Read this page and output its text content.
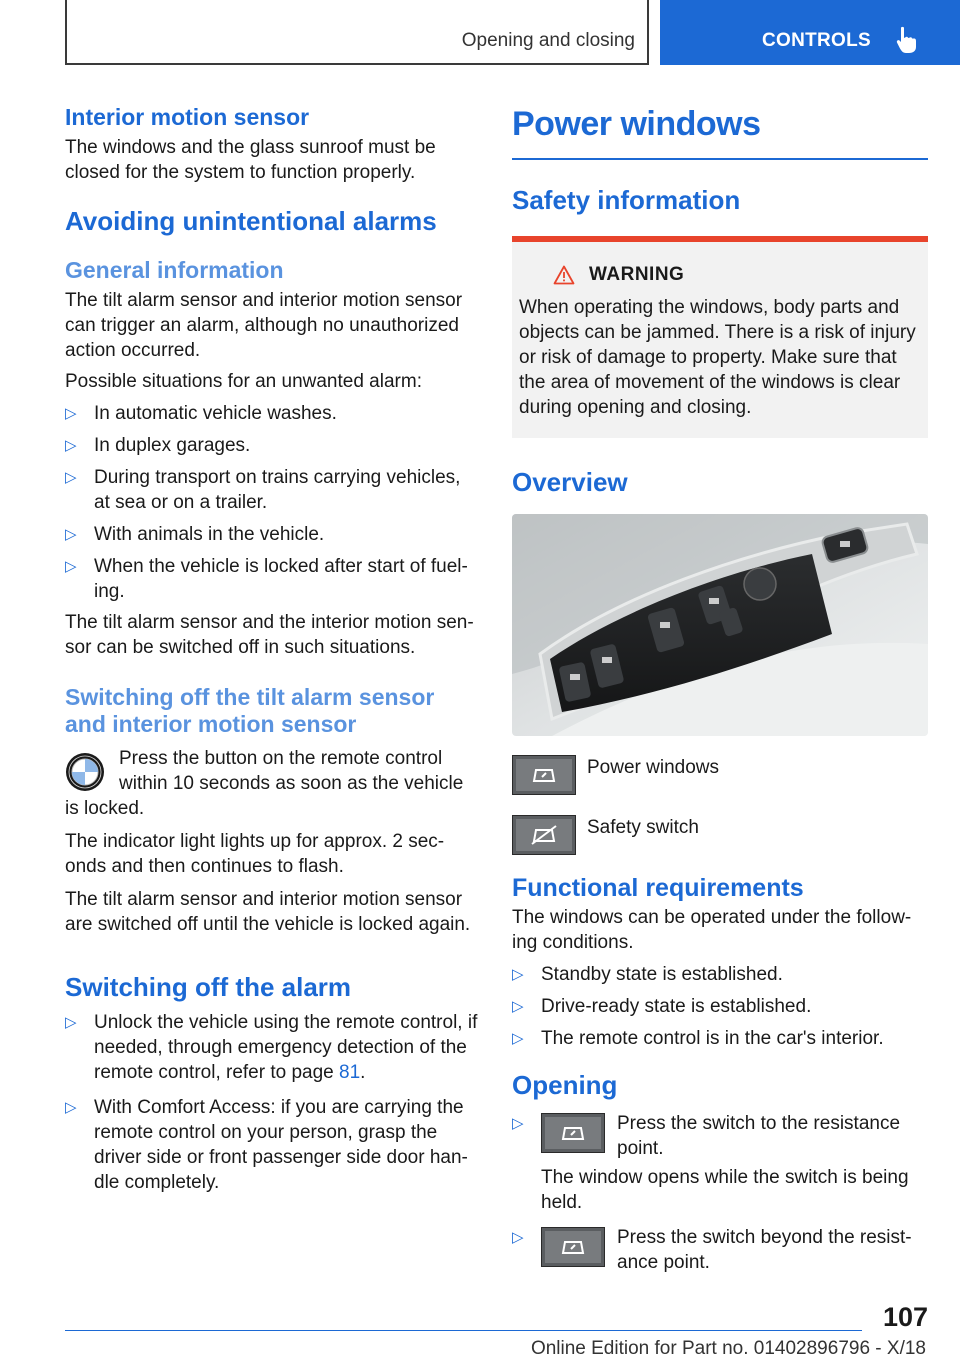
Opening and closing	CONTROLS
Interior motion sensor

The windows and the glass sunroof must be closed for the system to function properly.

Avoiding unintentional alarms
General information

The tilt alarm sensor and interior motion sensor can trigger an alarm, although no unauthorized action occurred.

Possible situations for an unwanted alarm:

▷ In automatic vehicle washes.
▷ In duplex garages.
▷ During transport on trains carrying vehicles, at sea or on a trailer.
▷ With animals in the vehicle.
▷ When the vehicle is locked after start of fuel-ing.

The tilt alarm sensor and the interior motion sen-sor can be switched off in such situations.

Switching off the tilt alarm sensor and interior motion sensor
Press the button on the remote control within 10 seconds as soon as the vehicle is locked.

The indicator light lights up for approx. 2 sec-onds and then continues to flash.

The tilt alarm sensor and interior motion sensor are switched off until the vehicle is locked again.

Switching off the alarm
▷ Unlock the vehicle using the remote control, if needed, through emergency detection of the remote control, refer to page 81.
▷ With Comfort Access: if you are carrying the remote control on your person, grasp the driver side or front passenger side door han-dle completely.
Power windows
Safety information
WARNING

When operating the windows, body parts and objects can be jammed. There is a risk of injury or risk of damage to property. Make sure that the area of movement of the windows is clear during opening and closing.

Overview
Power windows
Safety switch
Functional requirements

The windows can be operated under the follow-ing conditions.

▷ Standby state is established.
▷ Drive-ready state is established.
▷ The remote control is in the car's interior.
Opening
▷ Press the switch to the resistance point.

The window opens while the switch is being held.

▷ Press the switch beyond the resist-ance point.
107
Online Edition for Part no. 01402896796 - X/18
